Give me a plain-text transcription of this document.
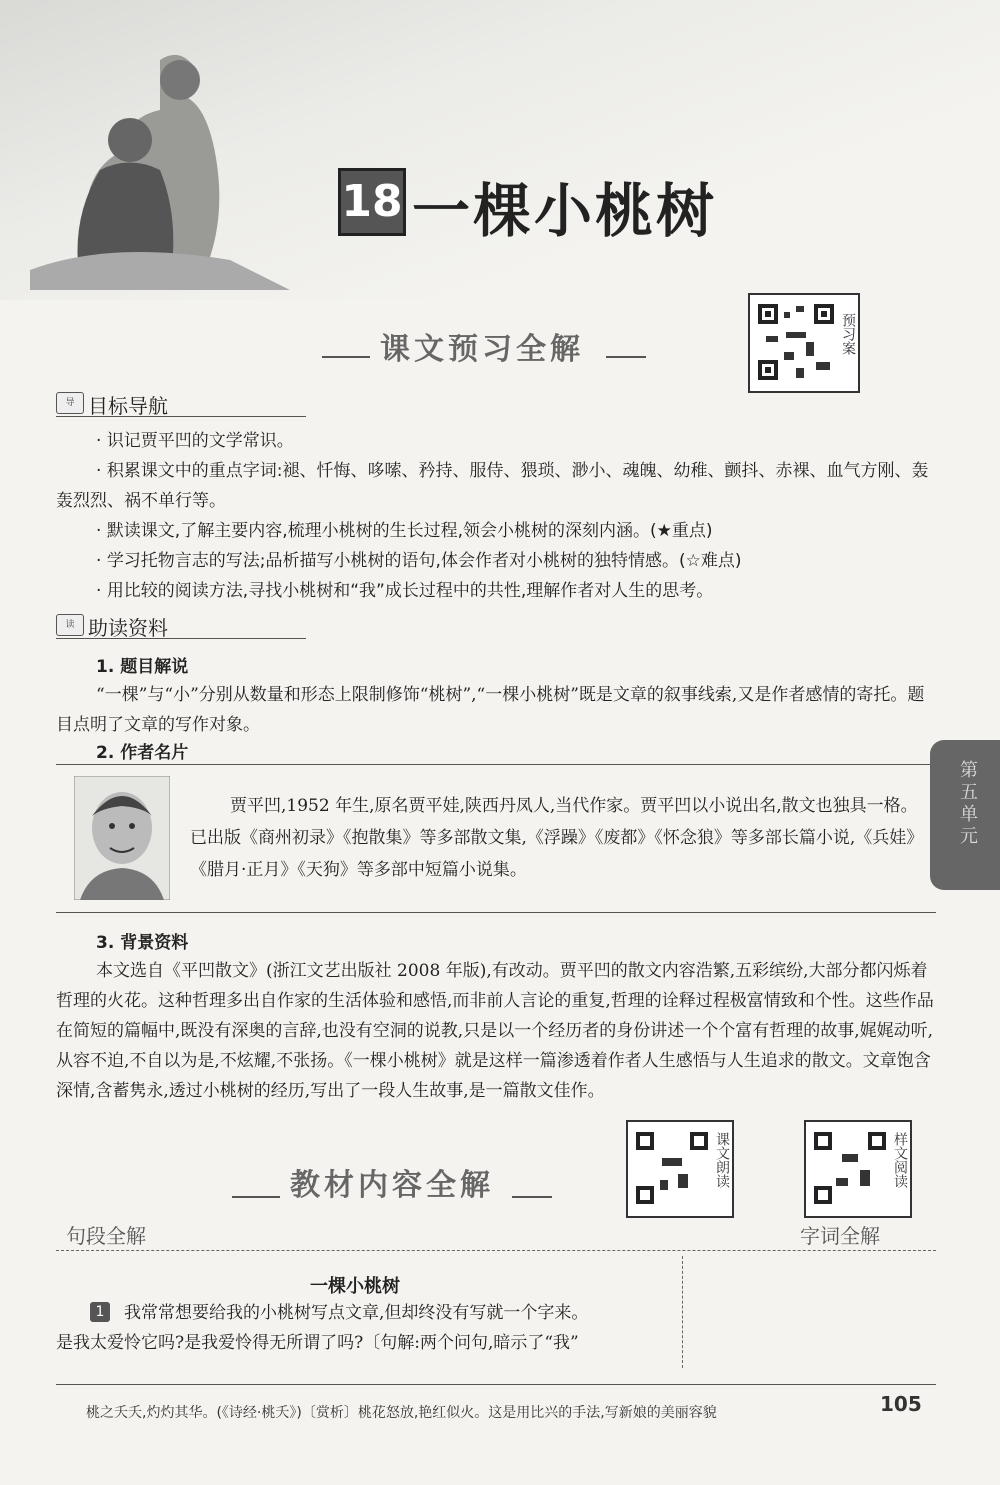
18 一棵小桃树
预习案
课文预习全解
导 目标导航
· 识记贾平凹的文学常识。
· 积累课文中的重点字词:褪、忏悔、哆嗦、矜持、服侍、猥琐、渺小、魂魄、幼稚、颤抖、赤裸、血气方刚、轰轰烈烈、祸不单行等。
· 默读课文,了解主要内容,梳理小桃树的生长过程,领会小桃树的深刻内涵。(★重点)
· 学习托物言志的写法;品析描写小桃树的语句,体会作者对小桃树的独特情感。(☆难点)
· 用比较的阅读方法,寻找小桃树和“我”成长过程中的共性,理解作者对人生的思考。
读 助读资料
1. 题目解说
“一棵”与“小”分别从数量和形态上限制修饰“桃树”,“一棵小桃树”既是文章的叙事线索,又是作者感情的寄托。题目点明了文章的写作对象。
2. 作者名片
贾平凹,1952 年生,原名贾平娃,陕西丹凤人,当代作家。贾平凹以小说出名,散文也独具一格。已出版《商州初录》《抱散集》等多部散文集,《浮躁》《废都》《怀念狼》等多部长篇小说,《兵娃》《腊月·正月》《天狗》等多部中短篇小说集。
3. 背景资料
本文选自《平凹散文》(浙江文艺出版社 2008 年版),有改动。贾平凹的散文内容浩繁,五彩缤纷,大部分都闪烁着哲理的火花。这种哲理多出自作家的生活体验和感悟,而非前人言论的重复,哲理的诠释过程极富情致和个性。这些作品在简短的篇幅中,既没有深奥的言辞,也没有空洞的说教,只是以一个经历者的身份讲述一个个富有哲理的故事,娓娓动听,从容不迫,不自以为是,不炫耀,不张扬。《一棵小桃树》就是这样一篇渗透着作者人生感悟与人生追求的散文。文章饱含深情,含蓄隽永,透过小桃树的经历,写出了一段人生故事,是一篇散文佳作。
第五单元
教材内容全解	课文朗读	样文阅读
句段全解	字词全解
一棵小桃树
1	我常常想要给我的小桃树写点文章,但却终没有写就一个字来。
是我太爱怜它吗?是我爱怜得无所谓了吗?〔句解:两个问句,暗示了“我”
桃之夭夭,灼灼其华。(《诗经·桃夭》)〔赏析〕桃花怒放,艳红似火。这是用比兴的手法,写新娘的美丽容貌	105
